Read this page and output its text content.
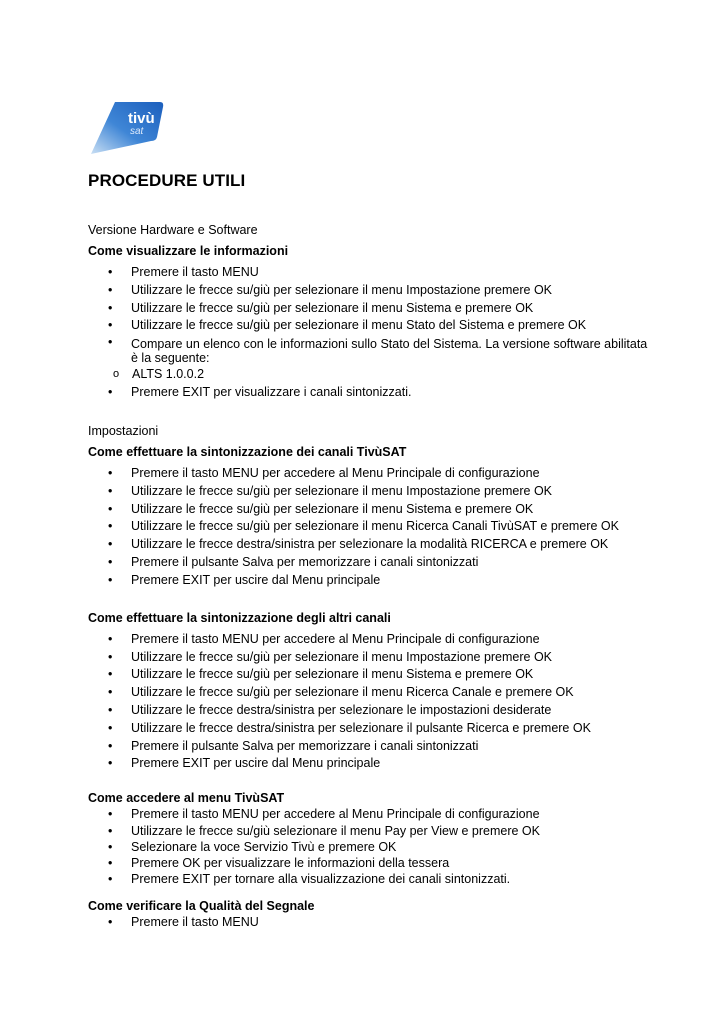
tivù
sat
PROCEDURE UTILI

Versione Hardware e Software

Come visualizzare le informazioni

• Premere il tasto MENU
• Utilizzare le frecce su/giù per selezionare il menu Impostazione premere OK
• Utilizzare le frecce su/giù per selezionare il menu Sistema e premere OK
• Utilizzare le frecce su/giù per selezionare il menu Stato del Sistema e premere OK
• Compare un elenco con le informazioni sullo Stato del Sistema. La versione software abilitata è la seguente:
o ALTS 1.0.0.2
• Premere EXIT per visualizzare i canali sintonizzati.

Impostazioni

Come effettuare la sintonizzazione dei canali TivùSAT

• Premere il tasto MENU per accedere al Menu Principale di configurazione
• Utilizzare le frecce su/giù per selezionare il menu Impostazione premere OK
• Utilizzare le frecce su/giù per selezionare il menu Sistema e premere OK
• Utilizzare le frecce su/giù per selezionare il menu Ricerca Canali TivùSAT e premere OK
• Utilizzare le frecce destra/sinistra per selezionare la modalità RICERCA e premere OK
• Premere il pulsante Salva per memorizzare i canali sintonizzati
• Premere EXIT per uscire dal Menu principale

Come effettuare la sintonizzazione degli altri canali

• Premere il tasto MENU per accedere al Menu Principale di configurazione
• Utilizzare le frecce su/giù per selezionare il menu Impostazione premere OK
• Utilizzare le frecce su/giù per selezionare il menu Sistema e premere OK
• Utilizzare le frecce su/giù per selezionare il menu Ricerca Canale e premere OK
• Utilizzare le frecce destra/sinistra per selezionare le impostazioni desiderate
• Utilizzare le frecce destra/sinistra per selezionare il pulsante Ricerca e premere OK
• Premere il pulsante Salva per memorizzare i canali sintonizzati
• Premere EXIT per uscire dal Menu principale

Come accedere al menu TivùSAT

• Premere il tasto MENU per accedere al Menu Principale di configurazione
• Utilizzare le frecce su/giù selezionare il menu Pay per View e premere OK
• Selezionare la voce Servizio Tivù e premere OK
• Premere OK per visualizzare le informazioni della tessera
• Premere EXIT per tornare alla visualizzazione dei canali sintonizzati.

Come verificare la Qualità del Segnale

• Premere il tasto MENU
